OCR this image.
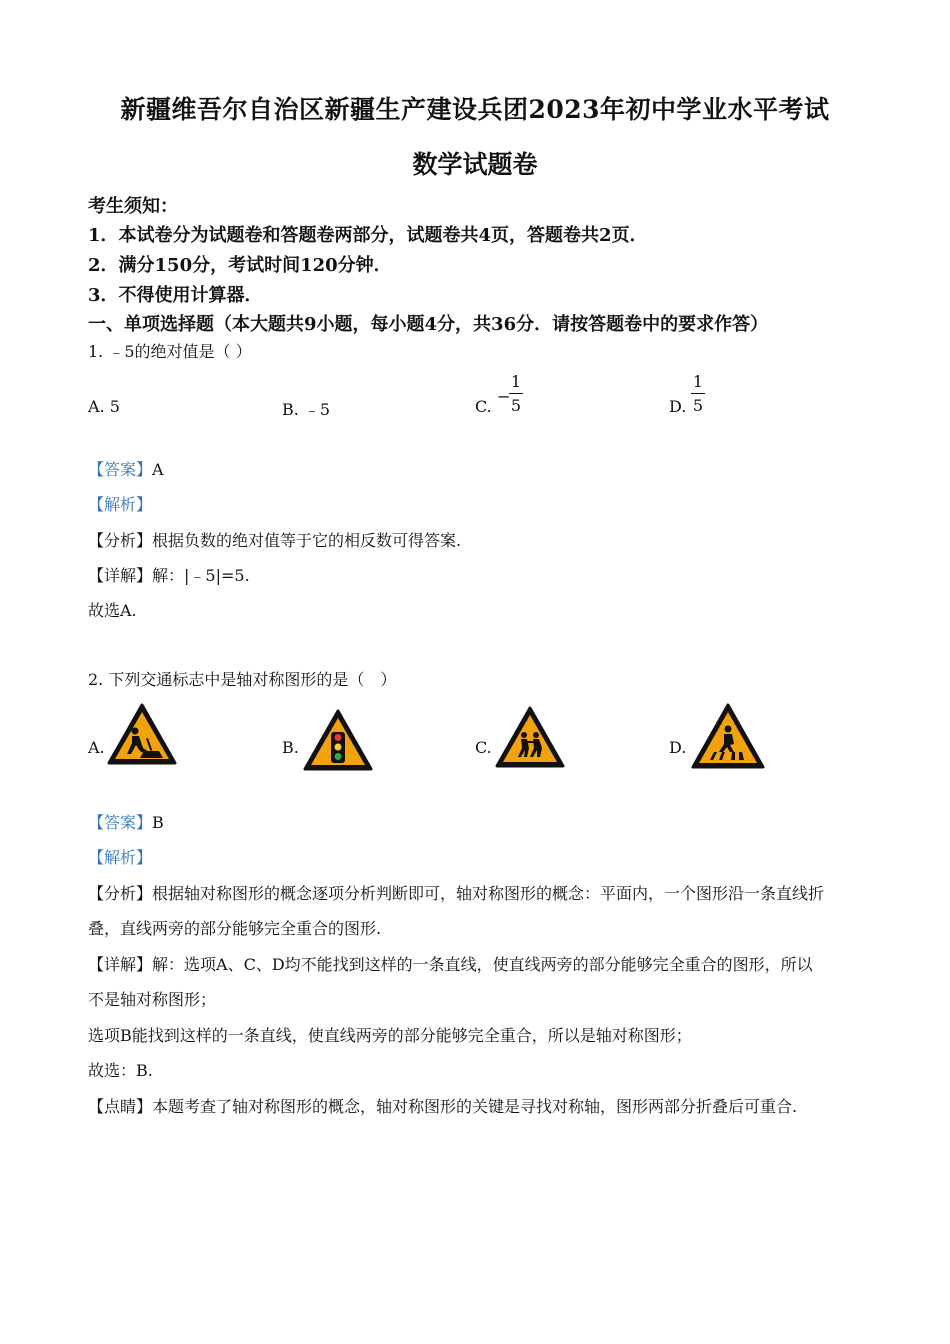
新疆维吾尔自治区新疆生产建设兵团2023年初中学业水平考试
数学试题卷
考生须知：
1．本试卷分为试题卷和答题卷两部分，试题卷共4页，答题卷共2页．
2．满分150分，考试时间120分钟．
3．不得使用计算器．
一、单项选择题（本大题共9小题，每小题4分，共36分．请按答题卷中的要求作答）
1. ﹣5的绝对值是（ ）
A. 5	B. ﹣5	C.
−
1
5	D.
1
5
【答案】A
【解析】
【分析】根据负数的绝对值等于它的相反数可得答案.
【详解】解：|﹣5|=5.
故选A.
2. 下列交通标志中是轴对称图形的是（　）
A.	B.	C.	D.
【答案】B
【解析】
【分析】根据轴对称图形的概念逐项分析判断即可，轴对称图形的概念：平面内，一个图形沿一条直线折
叠，直线两旁的部分能够完全重合的图形.
【详解】解：选项A、C、D均不能找到这样的一条直线，使直线两旁的部分能够完全重合的图形，所以
不是轴对称图形；
选项B能找到这样的一条直线，使直线两旁的部分能够完全重合，所以是轴对称图形；
故选：B.
【点睛】本题考查了轴对称图形的概念，轴对称图形的关键是寻找对称轴，图形两部分折叠后可重合.
